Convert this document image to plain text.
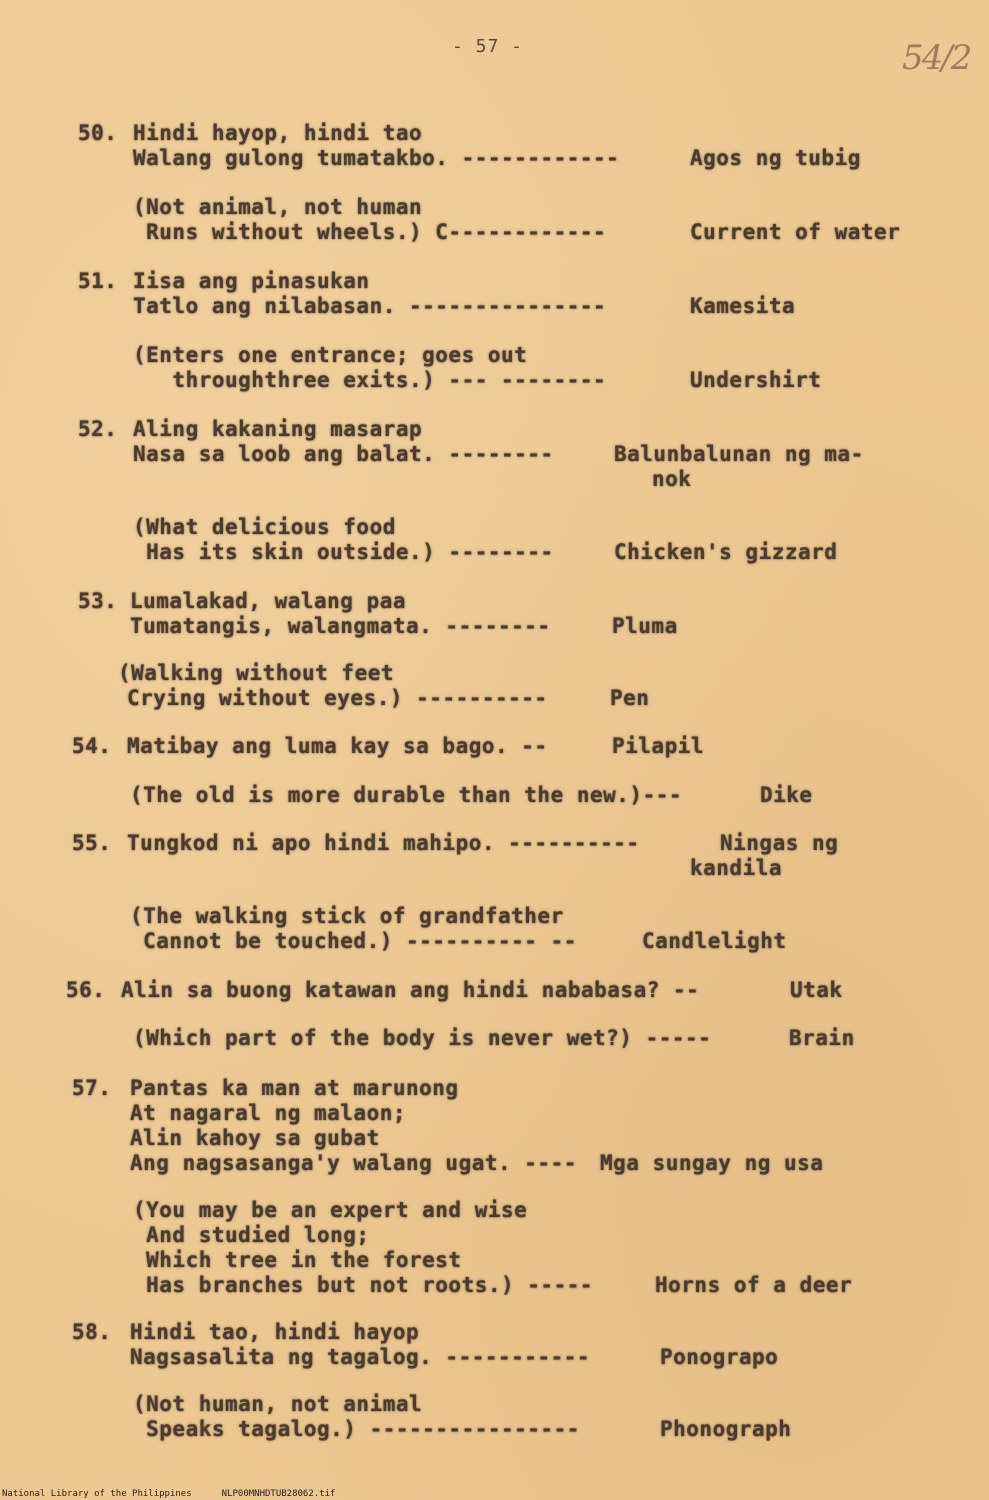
- 57 -	54/2
50. Hindi hayop, hindi tao
Walang gulong tumatakbo. ------------	Agos ng tubig
(Not animal, not human
Runs without wheels.) C------------	Current of water
51. Iisa ang pinasukan
Tatlo ang nilabasan. ---------------	Kamesita
(Enters one entrance; goes out
throughthree exits.) --- --------	Undershirt
52. Aling kakaning masarap
Nasa sa loob ang balat. --------	Balunbalunan ng ma-
nok
(What delicious food
Has its skin outside.) --------	Chicken's gizzard
53. Lumalakad, walang paa
Tumatangis, walangmata. --------	Pluma
(Walking without feet
Crying without eyes.) ----------	Pen
54. Matibay ang luma kay sa bago. --	Pilapil
(The old is more durable than the new.)---	Dike
55. Tungkod ni apo hindi mahipo. ----------	Ningas ng
kandila
(The walking stick of grandfather
Cannot be touched.) ---------- --	Candlelight
56. Alin sa buong katawan ang hindi nababasa? --	Utak
(Which part of the body is never wet?) -----	Brain
57. Pantas ka man at marunong
At nagaral ng malaon;
Alin kahoy sa gubat
Ang nagsasanga'y walang ugat. ---- Mga sungay ng usa
(You may be an expert and wise
And studied long;
Which tree in the forest
Has branches but not roots.) -----	Horns of a deer
58. Hindi tao, hindi hayop
Nagsasalita ng tagalog. -----------	Ponograpo
(Not human, not animal
Speaks tagalog.) ----------------	Phonograph
National Library of the Philippines	NLP00MNHDTUB28062.tif
